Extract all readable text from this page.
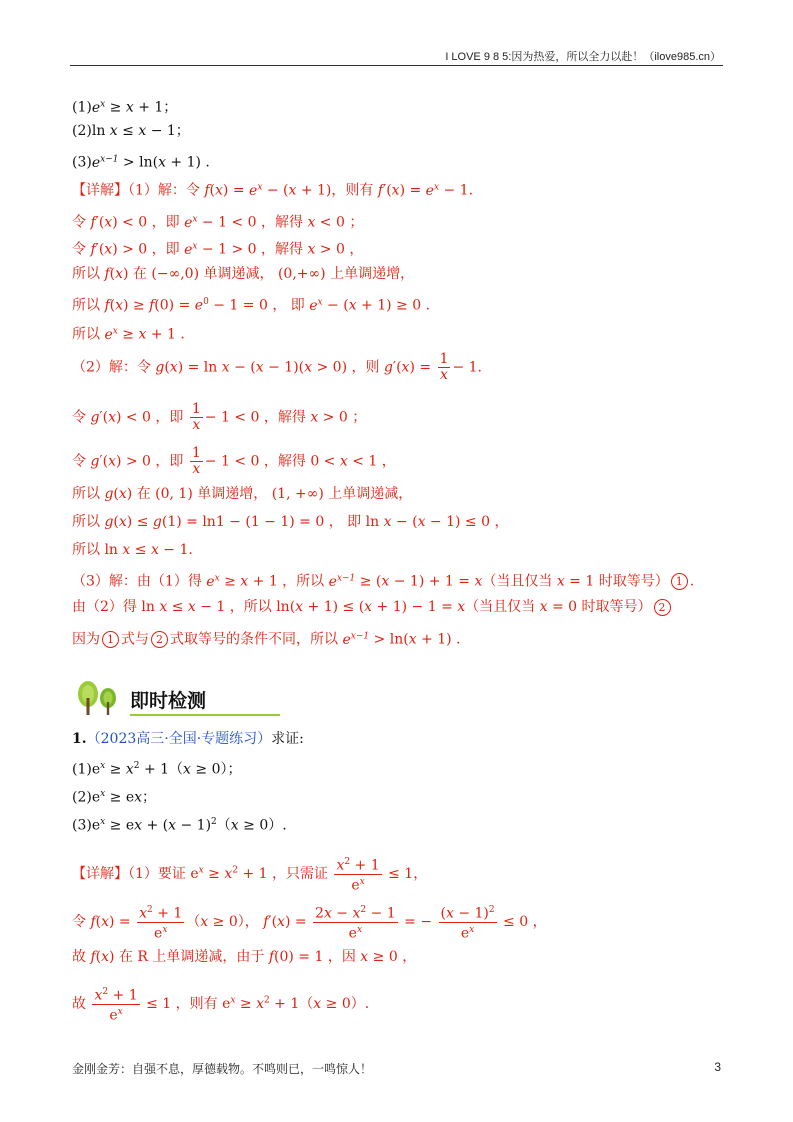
I LOVE 9 8 5:因为热爱，所以全力以赴！（ilove985.cn）
$(1)e^x \ge x + 1$；
(2)ln x ≤ x − 1；
$(3)e^{x-1} > \ln(x + 1)$ .
【详解】（1）解：令 $f(x) = e^x - (x + 1)$，则有 $f'(x) = e^x - 1$.
令 f′(x) < 0 ，即 $e^x - 1 < 0$ ，解得 x < 0 ；
令 f′(x) > 0 ，即 $e^x - 1 > 0$ ，解得 x > 0 ，
所以 f(x) 在 (−∞,0) 单调递减， (0,+∞) 上单调递增，
所以 $f(x) \ge f(0) = e^0 - 1 = 0$ ， 即 $e^x - (x + 1) \ge 0$ .
所以 $e^x \ge x + 1$ .
（2）解：令 g(x) = ln x − (x − 1)(x > 0) ，则 $g'(x) = \frac{1}{x} - 1$.
令 g′(x) < 0 ，即 $\frac{1}{x} - 1 < 0$ ，解得 x > 0 ；
令 g′(x) > 0 ，即 $\frac{1}{x} - 1 < 0$ ，解得 0 < x < 1 ，
所以 g(x) 在 (0, 1) 单调递增， (1, +∞) 上单调递减，
所以 g(x) ≤ g(1) = ln1 − (1 − 1) = 0 ， 即 ln x − (x − 1) ≤ 0 ，
所以 ln x ≤ x − 1.
（3）解：由（1）得 $e^x \ge x + 1$ ，所以 $e^{x-1} \ge (x - 1) + 1 = x$（当且仅当 x = 1 时取等号） 1 .
由（2）得 ln x ≤ x − 1 ，所以 ln(x + 1) ≤ (x + 1) − 1 = x（当且仅当 x = 0 时取等号） 2
因为 1 式与 2 式取等号的条件不同，所以 $e^{x-1} > \ln(x + 1)$ .
即时检测
1.（2023高三·全国·专题练习）求证:
$(1)e^x \ge x^2 + 1(x \ge 0)$；
$(2)e^x$ ≥ ex；
$(3)e^x$ ≥ ex + $(x - 1)^2(x \ge 0)$.
【详解】（1）要证 $e^x \ge x^2 + 1$ ，只需证 $\frac{x^2 + 1}{e^x} \le 1$，
令 $f(x) = \frac{x^2 + 1}{e^x} (x \ge 0)$， $f'(x) = \frac{2x - x^2 - 1}{e^x}$ = − $\frac{(x - 1)^2}{e^x} \le 0$ ，
故 f(x) 在 R 上单调递减，由于 f(0) = 1 ，因 x ≥ 0 ，
故 $\frac{x^2 + 1}{e^x} \le 1$ ，则有 $e^x \ge x^2 + 1(x \ge 0)$.
金刚金芳：自强不息，厚德载物。不鸣则已，一鸣惊人！	3
